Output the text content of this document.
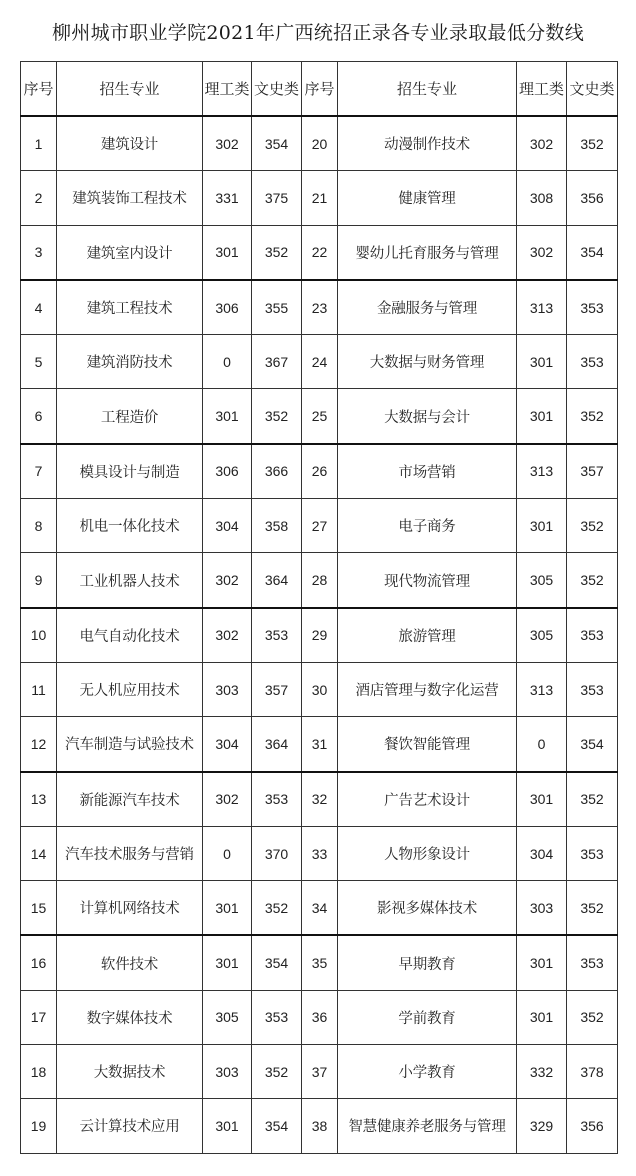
柳州城市职业学院2021年广西统招正录各专业录取最低分数线
序号	招生专业	理工类	文史类	序号	招生专业	理工类	文史类
1	建筑设计	302	354	20	动漫制作技术	302	352
2	建筑装饰工程技术	331	375	21	健康管理	308	356
3	建筑室内设计	301	352	22	婴幼儿托育服务与管理	302	354
4	建筑工程技术	306	355	23	金融服务与管理	313	353
5	建筑消防技术	0	367	24	大数据与财务管理	301	353
6	工程造价	301	352	25	大数据与会计	301	352
7	模具设计与制造	306	366	26	市场营销	313	357
8	机电一体化技术	304	358	27	电子商务	301	352
9	工业机器人技术	302	364	28	现代物流管理	305	352
10	电气自动化技术	302	353	29	旅游管理	305	353
11	无人机应用技术	303	357	30	酒店管理与数字化运营	313	353
12	汽车制造与试验技术	304	364	31	餐饮智能管理	0	354
13	新能源汽车技术	302	353	32	广告艺术设计	301	352
14	汽车技术服务与营销	0	370	33	人物形象设计	304	353
15	计算机网络技术	301	352	34	影视多媒体技术	303	352
16	软件技术	301	354	35	早期教育	301	353
17	数字媒体技术	305	353	36	学前教育	301	352
18	大数据技术	303	352	37	小学教育	332	378
19	云计算技术应用	301	354	38	智慧健康养老服务与管理	329	356
